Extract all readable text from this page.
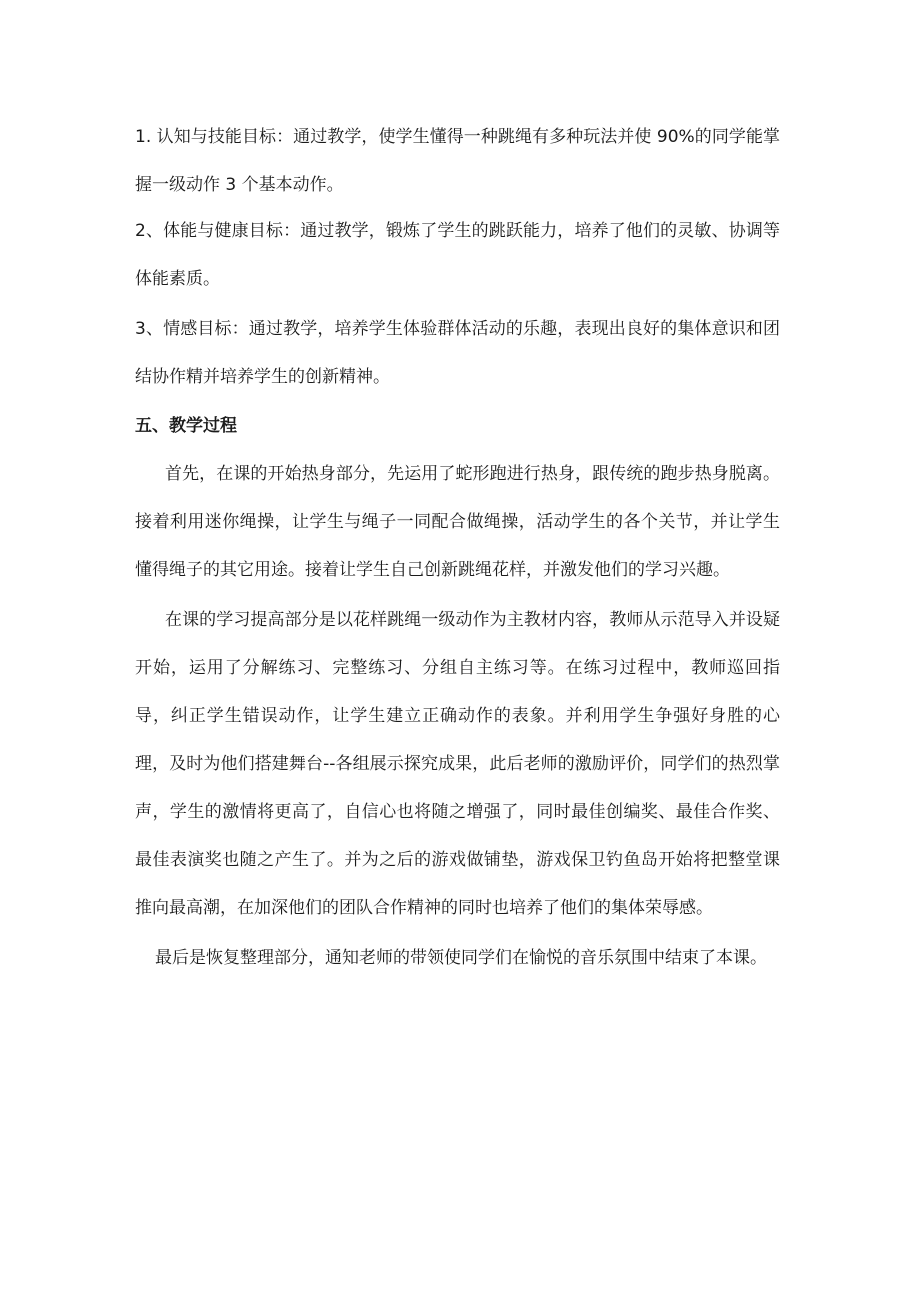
1. 认知与技能目标：通过教学，使学生懂得一种跳绳有多种玩法并使 90%的同学能掌握一级动作 3 个基本动作。

2、体能与健康目标：通过教学，锻炼了学生的跳跃能力，培养了他们的灵敏、协调等体能素质。

3、情感目标：通过教学，培养学生体验群体活动的乐趣，表现出良好的集体意识和团结协作精并培养学生的创新精神。

五、教学过程

首先，在课的开始热身部分，先运用了蛇形跑进行热身，跟传统的跑步热身脱离。接着利用迷你绳操，让学生与绳子一同配合做绳操，活动学生的各个关节，并让学生懂得绳子的其它用途。接着让学生自己创新跳绳花样，并激发他们的学习兴趣。

在课的学习提高部分是以花样跳绳一级动作为主教材内容，教师从示范导入并设疑开始，运用了分解练习、完整练习、分组自主练习等。在练习过程中，教师巡回指导，纠正学生错误动作，让学生建立正确动作的表象。并利用学生争强好身胜的心理，及时为他们搭建舞台--各组展示探究成果，此后老师的激励评价，同学们的热烈掌声，学生的激情将更高了，自信心也将随之增强了，同时最佳创编奖、最佳合作奖、最佳表演奖也随之产生了。并为之后的游戏做铺垫，游戏保卫钓鱼岛开始将把整堂课推向最高潮，在加深他们的团队合作精神的同时也培养了他们的集体荣辱感。

最后是恢复整理部分，通知老师的带领使同学们在愉悦的音乐氛围中结束了本课。
